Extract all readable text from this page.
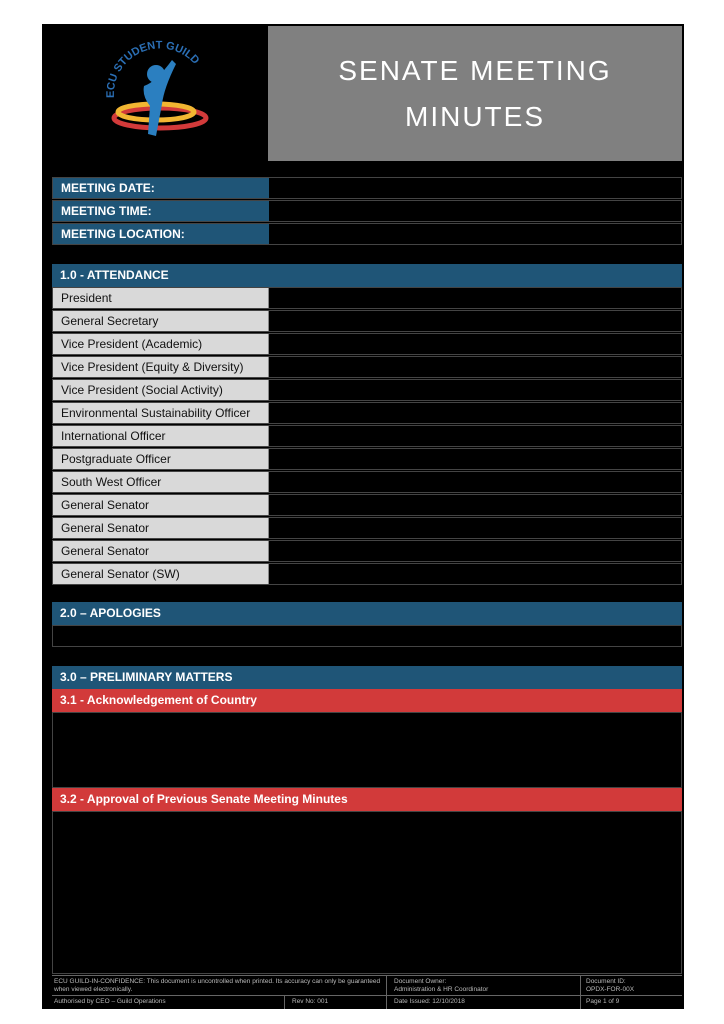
ECU STUDENT GUILD	SENATE MEETING MINUTES
MEETING DATE:
MEETING TIME:
MEETING LOCATION:
1.0 - ATTENDANCE
President
General Secretary
Vice President (Academic)
Vice President (Equity & Diversity)
Vice President (Social Activity)
Environmental Sustainability Officer
International Officer
Postgraduate Officer
South West Officer
General Senator
General Senator
General Senator
General Senator (SW)
2.0 – APOLOGIES
3.0 – PRELIMINARY MATTERS
3.1 - Acknowledgement of Country
3.2 - Approval of Previous Senate Meeting Minutes
ECU GUILD-IN-CONFIDENCE: This document is uncontrolled when printed. Its accuracy can only be guaranteed when viewed electronically.
Authorised by CEO – Guild Operations	Rev No: 001
Document Owner:
Administration & HR Coordinator
Date Issued: 12/10/2018
Document ID:
OPDX-FOR-00X
Page 1 of 9
